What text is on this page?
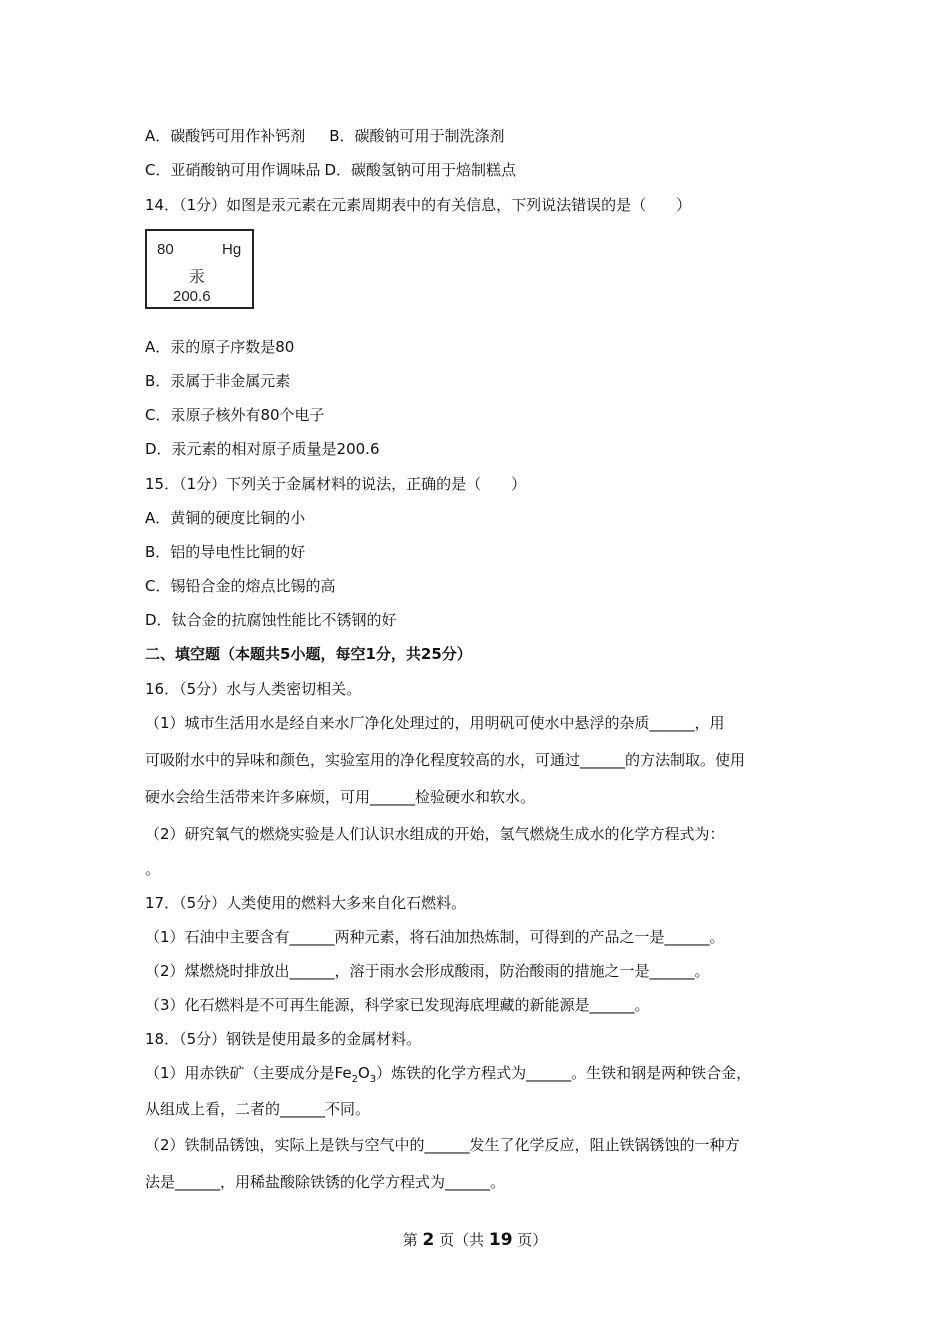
A．碳酸钙可用作补钙剂 B．碳酸钠可用于制洗涤剂
C．亚硝酸钠可用作调味品 D．碳酸氢钠可用于焙制糕点
14．（1分）如图是汞元素在元素周期表中的有关信息，下列说法错误的是（　　）
80	Hg
汞
200.6
A．汞的原子序数是80
B．汞属于非金属元素
C．汞原子核外有80个电子
D．汞元素的相对原子质量是200.6
15．（1分）下列关于金属材料的说法，正确的是（　　）
A．黄铜的硬度比铜的小
B．铝的导电性比铜的好
C．锡铅合金的熔点比锡的高
D．钛合金的抗腐蚀性能比不锈钢的好
二、填空题（本题共5小题，每空1分，共25分）
16．（5分）水与人类密切相关。
（1）城市生活用水是经自来水厂净化处理过的，用明矾可使水中悬浮的杂质______，用
可吸附水中的异味和颜色，实验室用的净化程度较高的水，可通过______的方法制取。使用
硬水会给生活带来许多麻烦，可用______检验硬水和软水。
（2）研究氧气的燃烧实验是人们认识水组成的开始，氢气燃烧生成水的化学方程式为：
。
17．（5分）人类使用的燃料大多来自化石燃料。
（1）石油中主要含有______两种元素，将石油加热炼制，可得到的产品之一是______。
（2）煤燃烧时排放出______，溶于雨水会形成酸雨，防治酸雨的措施之一是______。
（3）化石燃料是不可再生能源，科学家已发现海底埋藏的新能源是______。
18．（5分）钢铁是使用最多的金属材料。
（1）用赤铁矿（主要成分是$Fe_2O_3$）炼铁的化学方程式为______。生铁和钢是两种铁合金，
从组成上看，二者的______不同。
（2）铁制品锈蚀，实际上是铁与空气中的______发生了化学反应，阻止铁锅锈蚀的一种方
法是______，用稀盐酸除铁锈的化学方程式为______。
第 2 页（共 19 页）
